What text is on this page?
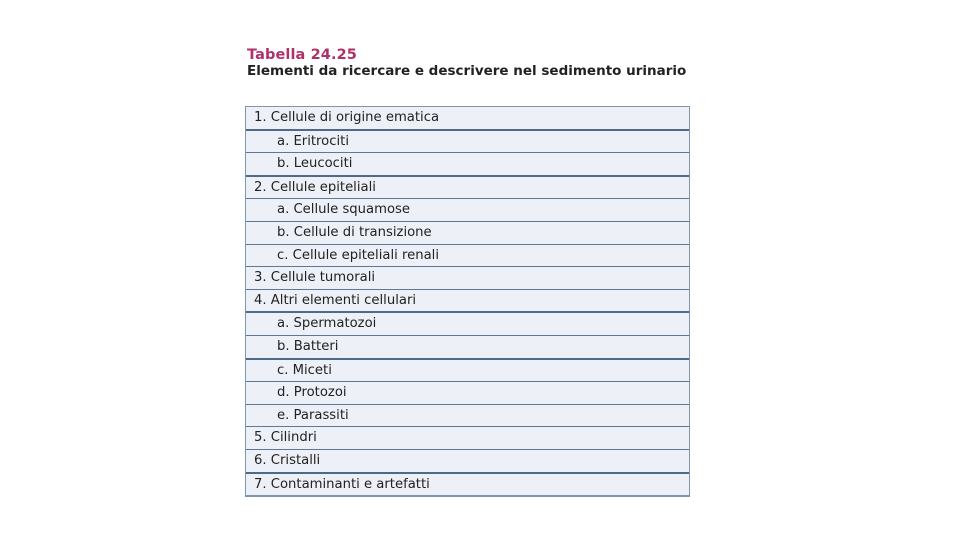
Tabella 24.25
Elementi da ricercare e descrivere nel sedimento urinario
1. Cellule di origine ematica
a. Eritrociti
b. Leucociti
2. Cellule epiteliali
a. Cellule squamose
b. Cellule di transizione
c. Cellule epiteliali renali
3. Cellule tumorali
4. Altri elementi cellulari
a. Spermatozoi
b. Batteri
c. Miceti
d. Protozoi
e. Parassiti
5. Cilindri
6. Cristalli
7. Contaminanti e artefatti
